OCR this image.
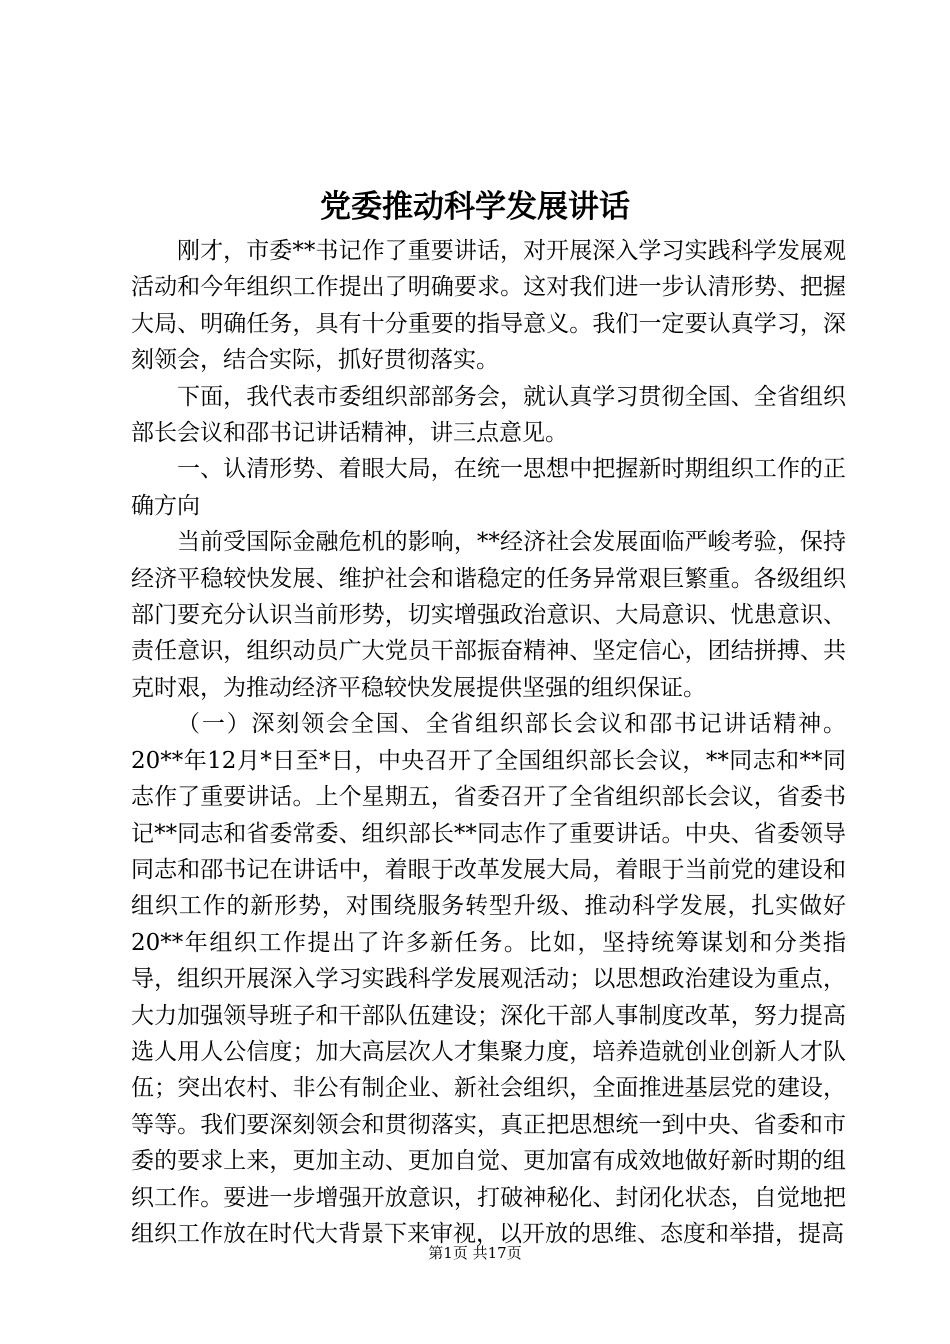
党委推动科学发展讲话

刚才，市委**书记作了重要讲话，对开展深入学习实践科学发展观活动和今年组织工作提出了明确要求。这对我们进一步认清形势、把握大局、明确任务，具有十分重要的指导意义。我们一定要认真学习，深刻领会，结合实际，抓好贯彻落实。

下面，我代表市委组织部部务会，就认真学习贯彻全国、全省组织部长会议和邵书记讲话精神，讲三点意见。

一、认清形势、着眼大局，在统一思想中把握新时期组织工作的正确方向

当前受国际金融危机的影响，**经济社会发展面临严峻考验，保持经济平稳较快发展、维护社会和谐稳定的任务异常艰巨繁重。各级组织部门要充分认识当前形势，切实增强政治意识、大局意识、忧患意识、责任意识，组织动员广大党员干部振奋精神、坚定信心，团结拼搏、共克时艰，为推动经济平稳较快发展提供坚强的组织保证。

（一）深刻领会全国、全省组织部长会议和邵书记讲话精神。20**年12月*日至*日，中央召开了全国组织部长会议，**同志和**同志作了重要讲话。上个星期五，省委召开了全省组织部长会议，省委书记**同志和省委常委、组织部长**同志作了重要讲话。中央、省委领导同志和邵书记在讲话中，着眼于改革发展大局，着眼于当前党的建设和组织工作的新形势，对围绕服务转型升级、推动科学发展，扎实做好20**年组织工作提出了许多新任务。比如，坚持统筹谋划和分类指导，组织开展深入学习实践科学发展观活动；以思想政治建设为重点，大力加强领导班子和干部队伍建设；深化干部人事制度改革，努力提高选人用人公信度；加大高层次人才集聚力度，培养造就创业创新人才队伍；突出农村、非公有制企业、新社会组织，全面推进基层党的建设，等等。我们要深刻领会和贯彻落实，真正把思想统一到中央、省委和市委的要求上来，更加主动、更加自觉、更加富有成效地做好新时期的组织工作。要进一步增强开放意识，打破神秘化、封闭化状态，自觉地把组织工作放在时代大背景下来审视，以开放的思维、态度和举措，提高

第1页 共17页
